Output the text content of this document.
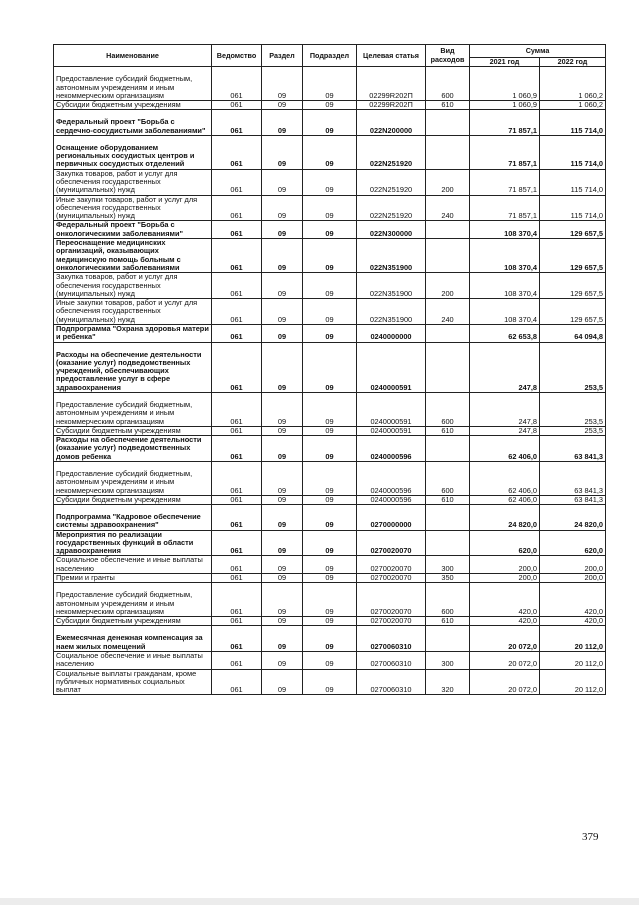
Наименование	Ведомство	Раздел	Подраздел	Целевая статья	Вид расходов	Сумма	
						2021 год	2022 год
Предоставление субсидий бюджетным, автономным учреждениям и иным некоммерческим организациям	061	09	09	02299R202П	600	1 060,9	1 060,2
Субсидии бюджетным учреждениям	061	09	09	02299R202П	610	1 060,9	1 060,2
Федеральный проект "Борьба с сердечно-сосудистыми заболеваниями"	061	09	09	022N200000		71 857,1	115 714,0
Оснащение оборудованием региональных сосудистых центров и первичных сосудистых отделений	061	09	09	022N251920		71 857,1	115 714,0
Закупка товаров, работ и услуг для обеспечения государственных (муниципальных) нужд	061	09	09	022N251920	200	71 857,1	115 714,0
Иные закупки товаров, работ и услуг для обеспечения государственных (муниципальных) нужд	061	09	09	022N251920	240	71 857,1	115 714,0
Федеральный проект "Борьба с онкологическими заболеваниями"	061	09	09	022N300000		108 370,4	129 657,5
Переоснащение медицинских организаций, оказывающих медицинскую помощь больным с онкологическими заболеваниями	061	09	09	022N351900		108 370,4	129 657,5
Закупка товаров, работ и услуг для обеспечения государственных (муниципальных) нужд	061	09	09	022N351900	200	108 370,4	129 657,5
Иные закупки товаров, работ и услуг для обеспечения государственных (муниципальных) нужд	061	09	09	022N351900	240	108 370,4	129 657,5
Подпрограмма "Охрана здоровья матери и ребенка"	061	09	09	0240000000		62 653,8	64 094,8
Расходы на обеспечение деятельности (оказание услуг) подведомственных учреждений, обеспечивающих предоставление услуг в сфере здравоохранения	061	09	09	0240000591		247,8	253,5
Предоставление субсидий бюджетным, автономным учреждениям и иным некоммерческим организациям	061	09	09	0240000591	600	247,8	253,5
Субсидии бюджетным учреждениям	061	09	09	0240000591	610	247,8	253,5
Расходы на обеспечение деятельности (оказание услуг) подведомственных домов ребенка	061	09	09	0240000596		62 406,0	63 841,3
Предоставление субсидий бюджетным, автономным учреждениям и иным некоммерческим организациям	061	09	09	0240000596	600	62 406,0	63 841,3
Субсидии бюджетным учреждениям	061	09	09	0240000596	610	62 406,0	63 841,3
Подпрограмма "Кадровое обеспечение системы здравоохранения"	061	09	09	0270000000		24 820,0	24 820,0
Мероприятия по реализации государственных функций в области здравоохранения	061	09	09	0270020070		620,0	620,0
Социальное обеспечение и иные выплаты населению	061	09	09	0270020070	300	200,0	200,0
Премии и гранты	061	09	09	0270020070	350	200,0	200,0
Предоставление субсидий бюджетным, автономным учреждениям и иным некоммерческим организациям	061	09	09	0270020070	600	420,0	420,0
Субсидии бюджетным учреждениям	061	09	09	0270020070	610	420,0	420,0
Ежемесячная денежная компенсация за наем жилых помещений	061	09	09	0270060310		20 072,0	20 112,0
Социальное обеспечение и иные выплаты населению	061	09	09	0270060310	300	20 072,0	20 112,0
Социальные выплаты гражданам, кроме публичных нормативных социальных выплат	061	09	09	0270060310	320	20 072,0	20 112,0
379
